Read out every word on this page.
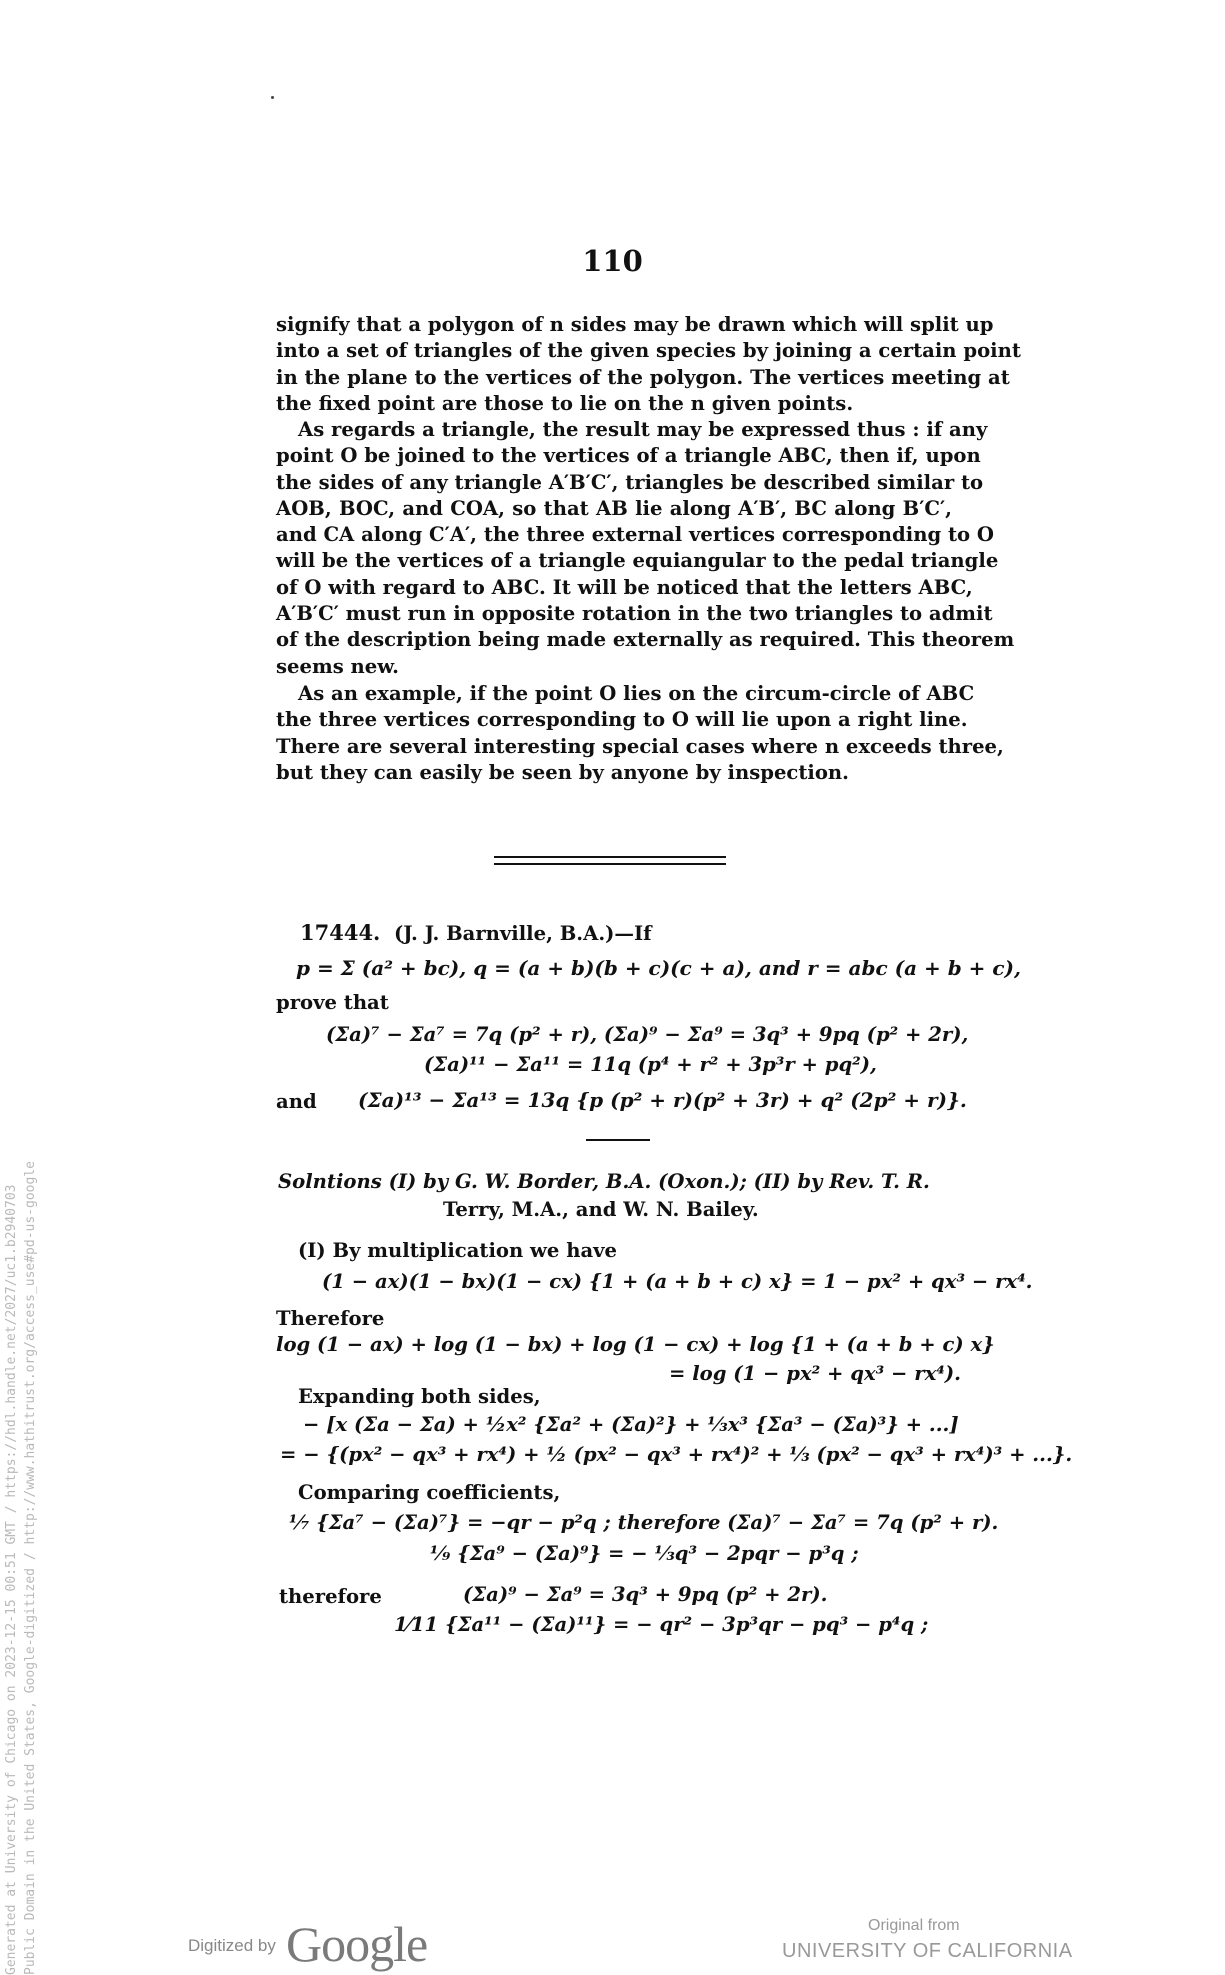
110
signify that a polygon of n sides may be drawn which will split up
into a set of triangles of the given species by joining a certain point
in the plane to the vertices of the polygon. The vertices meeting at
the fixed point are those to lie on the n given points.
As regards a triangle, the result may be expressed thus : if any
point O be joined to the vertices of a triangle ABC, then if, upon
the sides of any triangle A′B′C′, triangles be described similar to
AOB, BOC, and COA, so that AB lie along A′B′, BC along B′C′,
and CA along C′A′, the three external vertices corresponding to O
will be the vertices of a triangle equiangular to the pedal triangle
of O with regard to ABC. It will be noticed that the letters ABC,
A′B′C′ must run in opposite rotation in the two triangles to admit
of the description being made externally as required. This theorem
seems new.
As an example, if the point O lies on the circum-circle of ABC
the three vertices corresponding to O will lie upon a right line.
There are several interesting special cases where n exceeds three,
but they can easily be seen by anyone by inspection.
17444. (J. J. Barnville, B.A.)—If
p = Σ (a² + bc), q = (a + b)(b + c)(c + a), and r = abc (a + b + c),
prove that
(Σa)⁷ − Σa⁷ = 7q (p² + r), (Σa)⁹ − Σa⁹ = 3q³ + 9pq (p² + 2r),
(Σa)¹¹ − Σa¹¹ = 11q (p⁴ + r² + 3p³r + pq²),
and (Σa)¹³ − Σa¹³ = 13q {p (p² + r)(p² + 3r) + q² (2p² + r)}.
Solntions (I) by G. W. Border, B.A. (Oxon.); (II) by Rev. T. R.
Terry, M.A., and W. N. Bailey.
(I) By multiplication we have
(1 − ax)(1 − bx)(1 − cx) {1 + (a + b + c) x} = 1 − px² + qx³ − rx⁴.
Therefore
log (1 − ax) + log (1 − bx) + log (1 − cx) + log {1 + (a + b + c) x}
= log (1 − px² + qx³ − rx⁴).
Expanding both sides,
− [x (Σa − Σa) + ½x² {Σa² + (Σa)²} + ⅓x³ {Σa³ − (Σa)³} + ...]
= − {(px² − qx³ + rx⁴) + ½ (px² − qx³ + rx⁴)² + ⅓ (px² − qx³ + rx⁴)³ + ...}.
Comparing coefficients,
⅐ {Σa⁷ − (Σa)⁷} = −qr − p²q ; therefore (Σa)⁷ − Σa⁷ = 7q (p² + r).
⅑ {Σa⁹ − (Σa)⁹} = − ⅓q³ − 2pqr − p³q ;
therefore	(Σa)⁹ − Σa⁹ = 3q³ + 9pq (p² + 2r).
1⁄11 {Σa¹¹ − (Σa)¹¹} = − qr² − 3p³qr − pq³ − p⁴q ;
Generated at University of Chicago on 2023-12-15 00:51 GMT / https://hdl.handle.net/2027/uc1.b2940703 Public Domain in the United States, Google-digitized / http://www.hathitrust.org/access_use#pd-us-google	Digitized by Google	Original from
UNIVERSITY OF CALIFORNIA
